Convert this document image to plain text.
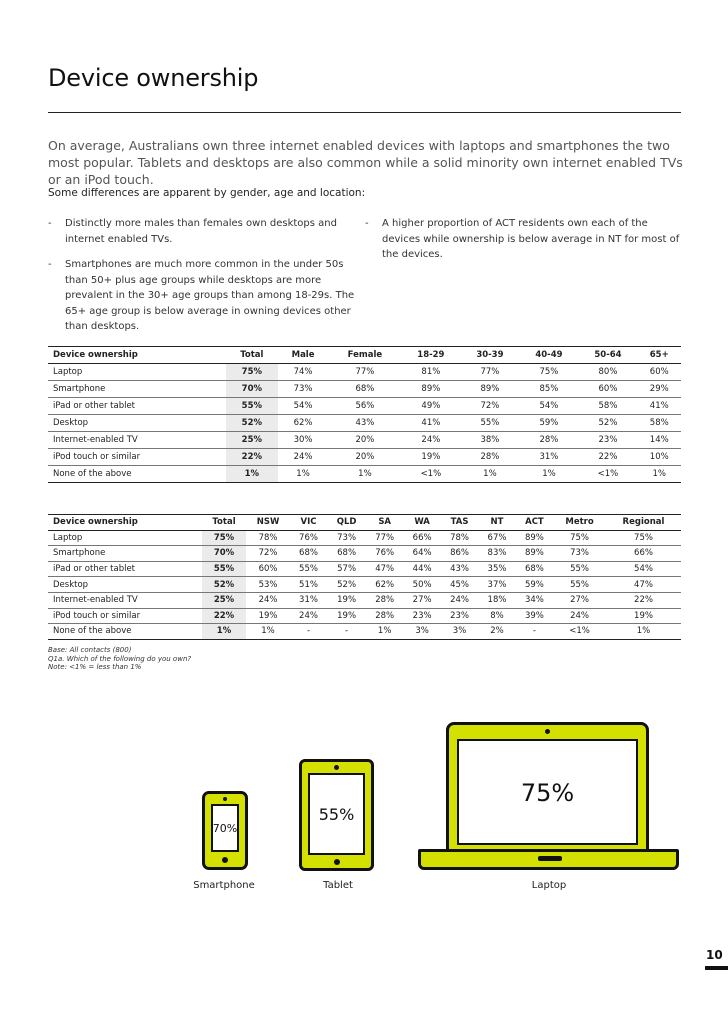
Device ownership
On average, Australians own three internet enabled devices with laptops and smartphones the two most popular. Tablets and desktops are also common while a solid minority own internet enabled TVs or an iPod touch.
Some differences are apparent by gender, age and location:
- Distinctly more males than females own desktops and internet enabled TVs.
- Smartphones are much more common in the under 50s than 50+ plus age groups while desktops are more prevalent in the 30+ age groups than among 18-29s. The 65+ age group is below average in owning devices other than desktops.
- A higher proportion of ACT residents own each of the devices while ownership is below average in NT for most of the devices.
Device ownership	Total	Male	Female	18-29	30-39	40-49	50-64	65+
Laptop	75%	74%	77%	81%	77%	75%	80%	60%
Smartphone	70%	73%	68%	89%	89%	85%	60%	29%
iPad or other tablet	55%	54%	56%	49%	72%	54%	58%	41%
Desktop	52%	62%	43%	41%	55%	59%	52%	58%
Internet-enabled TV	25%	30%	20%	24%	38%	28%	23%	14%
iPod touch or similar	22%	24%	20%	19%	28%	31%	22%	10%
None of the above	1%	1%	1%	<1%	1%	1%	<1%	1%
Device ownership	Total	NSW	VIC	QLD	SA	WA	TAS	NT	ACT	Metro	Regional
Laptop	75%	78%	76%	73%	77%	66%	78%	67%	89%	75%	75%
Smartphone	70%	72%	68%	68%	76%	64%	86%	83%	89%	73%	66%
iPad or other tablet	55%	60%	55%	57%	47%	44%	43%	35%	68%	55%	54%
Desktop	52%	53%	51%	52%	62%	50%	45%	37%	59%	55%	47%
Internet-enabled TV	25%	24%	31%	19%	28%	27%	24%	18%	34%	27%	22%
iPod touch or similar	22%	19%	24%	19%	28%	23%	23%	8%	39%	24%	19%
None of the above	1%	1%	-	-	1%	3%	3%	2%	-	<1%	1%
Base: All contacts (800)
Q1a. Which of the following do you own?
Note: <1% = less than 1%
70%
Smartphone
55%
Tablet
75%
Laptop
10
